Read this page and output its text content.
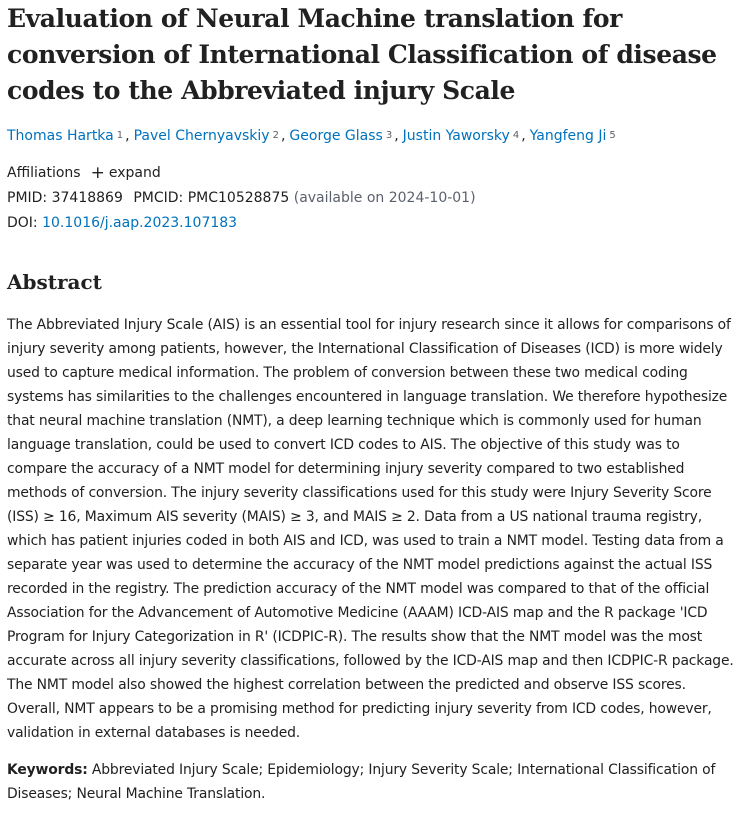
Evaluation of Neural Machine translation for conversion of International Classification of disease codes to the Abbreviated injury Scale
Thomas Hartka $^1$ , Pavel Chernyavskiy $^2$ , George Glass $^3$ , Justin Yaworsky $^4$ , Yangfeng Ji $^5$
Affiliations + expand
PMID: 37418869 PMCID: PMC10528875 (available on 2024-10-01)
DOI: 10.1016/j.aap.2023.107183
Abstract
The Abbreviated Injury Scale (AIS) is an essential tool for injury research since it allows for comparisons of injury severity among patients, however, the International Classification of Diseases (ICD) is more widely used to capture medical information. The problem of conversion between these two medical coding systems has similarities to the challenges encountered in language translation. We therefore hypothesize that neural machine translation (NMT), a deep learning technique which is commonly used for human language translation, could be used to convert ICD codes to AIS. The objective of this study was to compare the accuracy of a NMT model for determining injury severity compared to two established methods of conversion. The injury severity classifications used for this study were Injury Severity Score (ISS) ≥ 16, Maximum AIS severity (MAIS) ≥ 3, and MAIS ≥ 2. Data from a US national trauma registry, which has patient injuries coded in both AIS and ICD, was used to train a NMT model. Testing data from a separate year was used to determine the accuracy of the NMT model predictions against the actual ISS recorded in the registry. The prediction accuracy of the NMT model was compared to that of the official Association for the Advancement of Automotive Medicine (AAAM) ICD-AIS map and the R package 'ICD Program for Injury Categorization in R' (ICDPIC-R). The results show that the NMT model was the most accurate across all injury severity classifications, followed by the ICD-AIS map and then ICDPIC-R package. The NMT model also showed the highest correlation between the predicted and observe ISS scores. Overall, NMT appears to be a promising method for predicting injury severity from ICD codes, however, validation in external databases is needed.
Keywords: Abbreviated Injury Scale; Epidemiology; Injury Severity Scale; International Classification of Diseases; Neural Machine Translation.
